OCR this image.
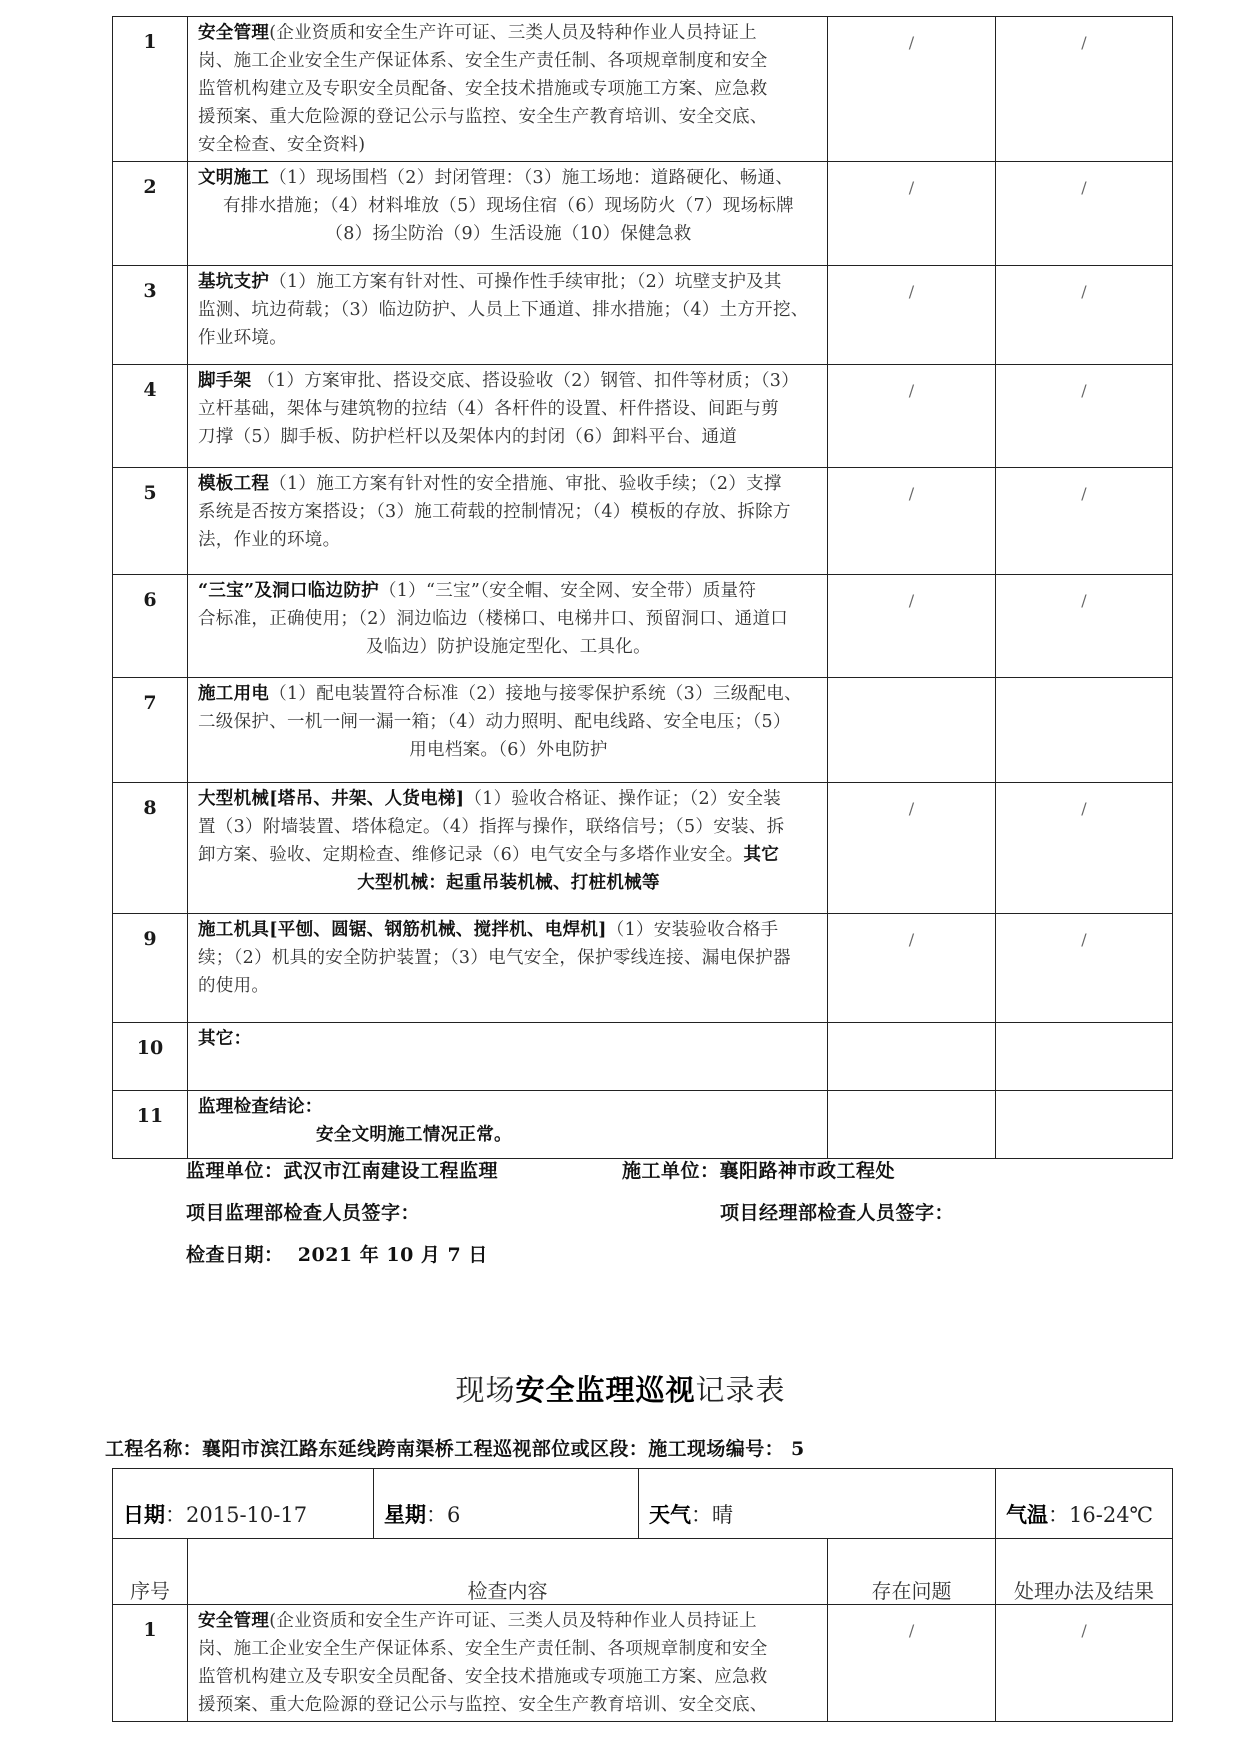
1	安全管理(企业资质和安全生产许可证、三类人员及特种作业人员持证上
岗、施工企业安全生产保证体系、安全生产责任制、各项规章制度和安全
监管机构建立及专职安全员配备、安全技术措施或专项施工方案、应急救
援预案、重大危险源的登记公示与监控、安全生产教育培训、安全交底、
安全检查、安全资料)	/	/
2	文明施工（1）现场围档（2）封闭管理：（3）施工场地：道路硬化、畅通、

有排水措施；（4）材料堆放（5）现场住宿（6）现场防火（7）现场标牌
（8）扬尘防治（9）生活设施（10）保健急救	/	/
3	基坑支护（1）施工方案有针对性、可操作性手续审批；（2）坑壁支护及其
监测、坑边荷载；（3）临边防护、人员上下通道、排水措施；（4）土方开挖、
作业环境。	/	/
4	脚手架 （1）方案审批、搭设交底、搭设验收（2）钢管、扣件等材质；（3）
立杆基础，架体与建筑物的拉结（4）各杆件的设置、杆件搭设、间距与剪
刀撑（5）脚手板、防护栏杆以及架体内的封闭（6）卸料平台、通道	/	/
5	模板工程（1）施工方案有针对性的安全措施、审批、验收手续；（2）支撑
系统是否按方案搭设；（3）施工荷载的控制情况；（4）模板的存放、拆除方
法，作业的环境。	/	/
6	“三宝”及洞口临边防护（1）“三宝”（安全帽、安全网、安全带）质量符
合标准，正确使用；（2）洞边临边（楼梯口、电梯井口、预留洞口、通道口

及临边）防护设施定型化、工具化。	/	/
7	施工用电（1）配电装置符合标准（2）接地与接零保护系统（3）三级配电、
二级保护、一机一闸一漏一箱；（4）动力照明、配电线路、安全电压；（5）

用电档案。（6）外电防护		

8	大型机械[塔吊、井架、人货电梯]（1）验收合格证、操作证；（2）安全装
置（3）附墙装置、塔体稳定。（4）指挥与操作，联络信号；（5）安装、拆
卸方案、验收、定期检查、维修记录（6）电气安全与多塔作业安全。其它

大型机械：起重吊装机械、打桩机械等	/	/
9	施工机具[平刨、圆锯、钢筋机械、搅拌机、电焊机]（1）安装验收合格手
续；（2）机具的安全防护装置；（3）电气安全，保护零线连接、漏电保护器
的使用。	/	/
10	其它：		
11	监理检查结论：
安全文明施工情况正常。		
监理单位：武汉市江南建设工程监理	施工单位：襄阳路神市政工程处
项目监理部检查人员签字：	项目经理部检查人员签字：
检查日期： 2021 年 10 月 7 日
现场安全监理巡视记录表
工程名称：襄阳市滨江路东延线跨南渠桥工程巡视部位或区段：施工现场编号： 5
日期：2015-10-17		星期：6	天气：晴		气温：16-24℃
序号	检查内容			存在问题	处理办法及结果
1	安全管理(企业资质和安全生产许可证、三类人员及特种作业人员持证上
岗、施工企业安全生产保证体系、安全生产责任制、各项规章制度和安全
监管机构建立及专职安全员配备、安全技术措施或专项施工方案、应急救
援预案、重大危险源的登记公示与监控、安全生产教育培训、安全交底、			/	/
